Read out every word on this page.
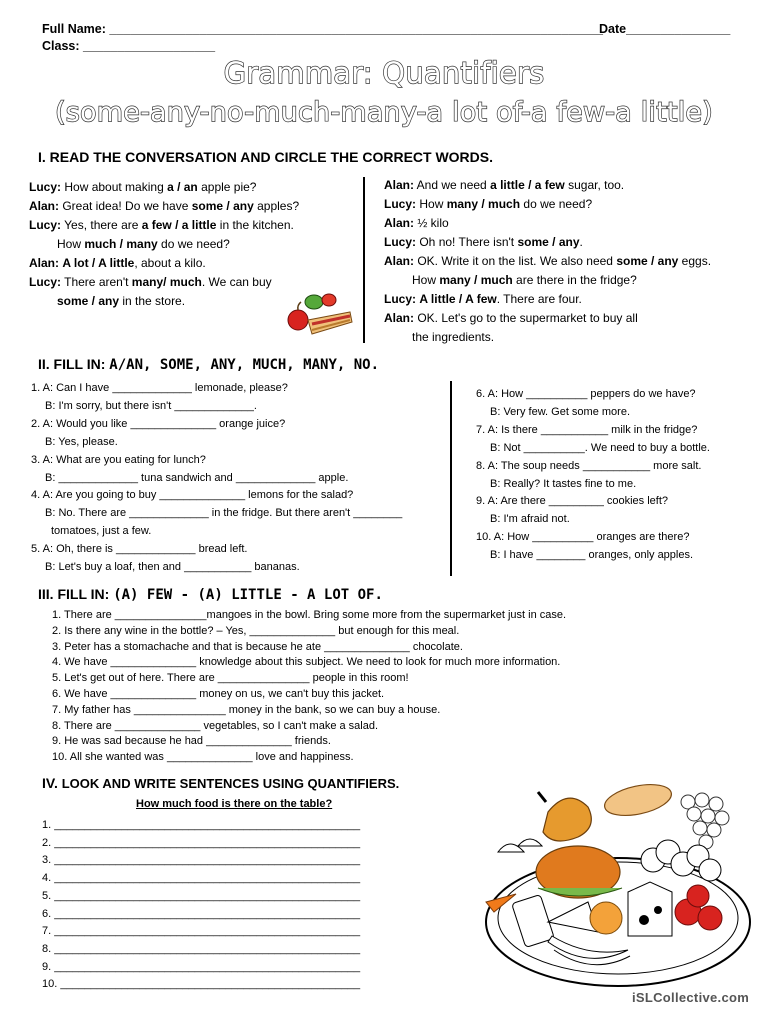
Full Name: _______________________________________________________________________
Date_______________
Class: ___________________
Grammar: Quantifiers
(some-any-no-much-many-a lot of-a few-a little)
I. READ THE CONVERSATION AND CIRCLE THE CORRECT WORDS.
Lucy: How about making a / an apple pie?
Alan: Great idea! Do we have some / any apples?
Lucy: Yes, there are a few / a little in the kitchen.
How much / many do we need?
Alan: A lot / A little, about a kilo.
Lucy: There aren't many/ much. We can buy
some / any in the store.
Alan: And we need a little / a few sugar, too.
Lucy: How many / much do we need?
Alan: ½ kilo
Lucy: Oh no! There isn't some / any.
Alan: OK. Write it on the list. We also need some / any eggs.
How many / much are there in the fridge?
Lucy: A little / A few. There are four.
Alan: OK. Let's go to the supermarket to buy all
the ingredients.
II. FILL IN: A/AN, SOME, ANY, MUCH, MANY, NO.
1. A: Can I have _____________ lemonade, please?
B: I'm sorry, but there isn't _____________.
2. A: Would you like ______________ orange juice?
B: Yes, please.
3. A: What are you eating for lunch?
B: _____________ tuna sandwich and _____________ apple.
4. A: Are you going to buy ______________ lemons for the salad?
B: No. There are _____________ in the fridge. But there aren't ________
tomatoes, just a few.
5. A: Oh, there is _____________ bread left.
B: Let's buy a loaf, then and ___________ bananas.
6. A: How __________ peppers do we have?
B: Very few. Get some more.
7. A: Is there ___________ milk in the fridge?
B: Not __________. We need to buy a bottle.
8. A: The soup needs ___________ more salt.
B: Really? It tastes fine to me.
9. A: Are there _________ cookies left?
B: I'm afraid not.
10. A: How __________ oranges are there?
B: I have ________ oranges, only apples.
III. FILL IN: (A) FEW - (A) LITTLE - A LOT OF.
1. There are _______________mangoes in the bowl. Bring some more from the supermarket just in case.
2. Is there any wine in the bottle? – Yes, ______________ but enough for this meal.
3. Peter has a stomachache and that is because he ate ______________ chocolate.
4. We have ______________ knowledge about this subject. We need to look for much more information.
5. Let's get out of here. There are _______________ people in this room!
6. We have ______________ money on us, we can't buy this jacket.
7. My father has _______________ money in the bank, so we can buy a house.
8. There are ______________ vegetables, so I can't make a salad.
9. He was sad because he had ______________ friends.
10. All she wanted was ______________ love and happiness.
IV. LOOK AND WRITE SENTENCES USING QUANTIFIERS.
How much food is there on the table?
1. __________________________________________________
2. __________________________________________________
3. __________________________________________________
4. __________________________________________________
5. __________________________________________________
6. __________________________________________________
7. __________________________________________________
8. __________________________________________________
9. __________________________________________________
10. _________________________________________________
iSLCollective.com
